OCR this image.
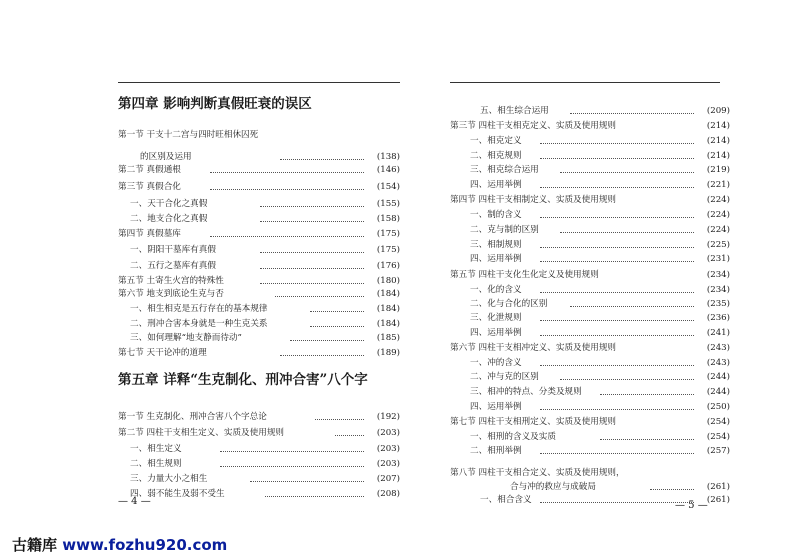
第四章 影响判断真假旺衰的误区
第一节 干支十二宫与四时旺相休囚死
的区别及运用	(138)
第二节 真假通根	(146)
第三节 真假合化	(154)
一、天干合化之真假	(155)
二、地支合化之真假	(158)
第四节 真假墓库	(175)
一、阴阳干墓库有真假	(175)
二、五行之墓库有真假	(176)
第五节 土寄生火宫的特殊性	(180)
第六节 地支到底论生克与否	(184)
一、相生相克是五行存在的基本规律	(184)
二、刑冲合害本身就是一种生克关系	(184)
三、如何理解“地支静而待动”	(185)
第七节 天干论冲的道理	(189)
第一节 生克制化、刑冲合害八个字总论	(192)
第二节 四柱干支相生定义、实质及使用规则	(203)
一、相生定义	(203)
二、相生规则	(203)
三、力量大小之相生	(207)
四、弱不能生及弱不受生	(208)
第五章 详释“生克制化、刑冲合害”八个字
— 4 —
五、相生综合运用	(209)
第三节 四柱干支相克定义、实质及使用规则	(214)
一、相克定义	(214)
二、相克规则	(214)
三、相克综合运用	(219)
四、运用举例	(221)
第四节 四柱干支相制定义、实质及使用规则	(224)
一、制的含义	(224)
二、克与制的区别	(224)
三、相制规则	(225)
四、运用举例	(231)
第五节 四柱干支化生化定义及使用规则	(234)
一、化的含义	(234)
二、化与合化的区别	(235)
三、化泄规则	(236)
四、运用举例	(241)
第六节 四柱干支相冲定义、实质及使用规则	(243)
一、冲的含义	(243)
二、冲与克的区别	(244)
三、相冲的特点、分类及规则	(244)
四、运用举例	(250)
第七节 四柱干支相刑定义、实质及使用规则	(254)
一、相刑的含义及实质	(254)
二、相刑举例	(257)
第八节 四柱干支相合定义、实质及使用规则，
合与冲的救应与成破局	(261)
一、相合含义	(261)
— 5 —
古籍库 www.fozhu920.com
